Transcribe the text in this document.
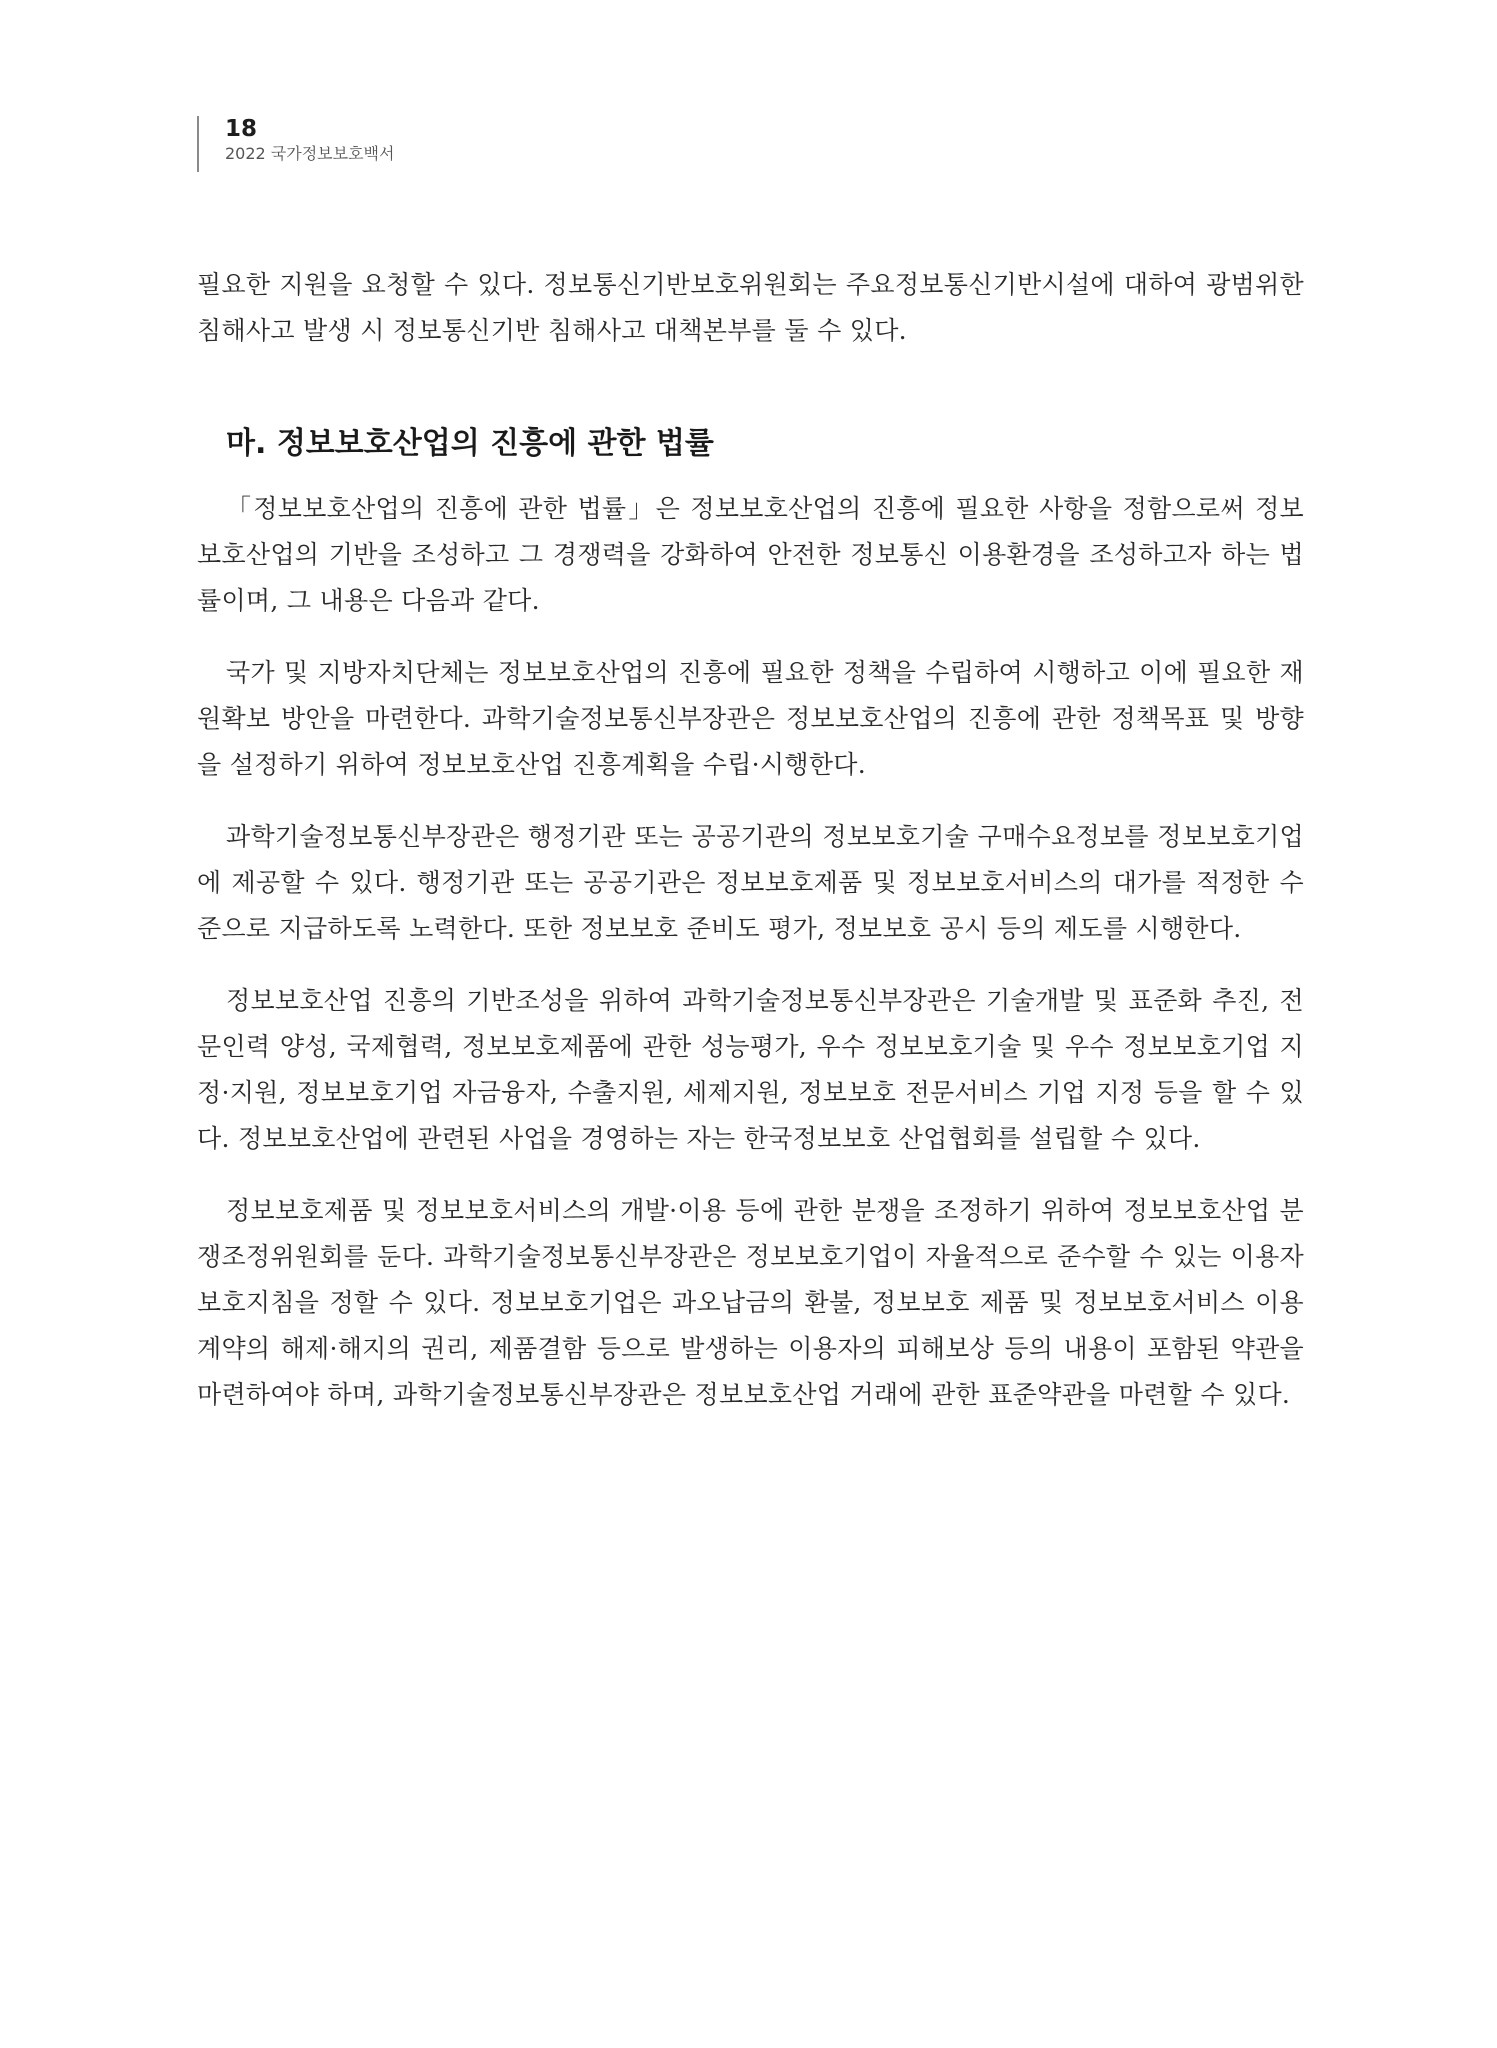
18
2022 국가정보보호백서

필요한 지원을 요청할 수 있다. 정보통신기반보호위원회는 주요정보통신기반시설에 대하여 광범위한 침해사고 발생 시 정보통신기반 침해사고 대책본부를 둘 수 있다.

마. 정보보호산업의 진흥에 관한 법률

「정보보호산업의 진흥에 관한 법률」은 정보보호산업의 진흥에 필요한 사항을 정함으로써 정보보호산업의 기반을 조성하고 그 경쟁력을 강화하여 안전한 정보통신 이용환경을 조성하고자 하는 법률이며, 그 내용은 다음과 같다.

국가 및 지방자치단체는 정보보호산업의 진흥에 필요한 정책을 수립하여 시행하고 이에 필요한 재원확보 방안을 마련한다. 과학기술정보통신부장관은 정보보호산업의 진흥에 관한 정책목표 및 방향을 설정하기 위하여 정보보호산업 진흥계획을 수립·시행한다.

과학기술정보통신부장관은 행정기관 또는 공공기관의 정보보호기술 구매수요정보를 정보보호기업에 제공할 수 있다. 행정기관 또는 공공기관은 정보보호제품 및 정보보호서비스의 대가를 적정한 수준으로 지급하도록 노력한다. 또한 정보보호 준비도 평가, 정보보호 공시 등의 제도를 시행한다.

정보보호산업 진흥의 기반조성을 위하여 과학기술정보통신부장관은 기술개발 및 표준화 추진, 전문인력 양성, 국제협력, 정보보호제품에 관한 성능평가, 우수 정보보호기술 및 우수 정보보호기업 지정·지원, 정보보호기업 자금융자, 수출지원, 세제지원, 정보보호 전문서비스 기업 지정 등을 할 수 있다. 정보보호산업에 관련된 사업을 경영하는 자는 한국정보보호 산업협회를 설립할 수 있다.

정보보호제품 및 정보보호서비스의 개발·이용 등에 관한 분쟁을 조정하기 위하여 정보보호산업 분쟁조정위원회를 둔다. 과학기술정보통신부장관은 정보보호기업이 자율적으로 준수할 수 있는 이용자보호지침을 정할 수 있다. 정보보호기업은 과오납금의 환불, 정보보호 제품 및 정보보호서비스 이용계약의 해제·해지의 권리, 제품결함 등으로 발생하는 이용자의 피해보상 등의 내용이 포함된 약관을 마련하여야 하며, 과학기술정보통신부장관은 정보보호산업 거래에 관한 표준약관을 마련할 수 있다.
